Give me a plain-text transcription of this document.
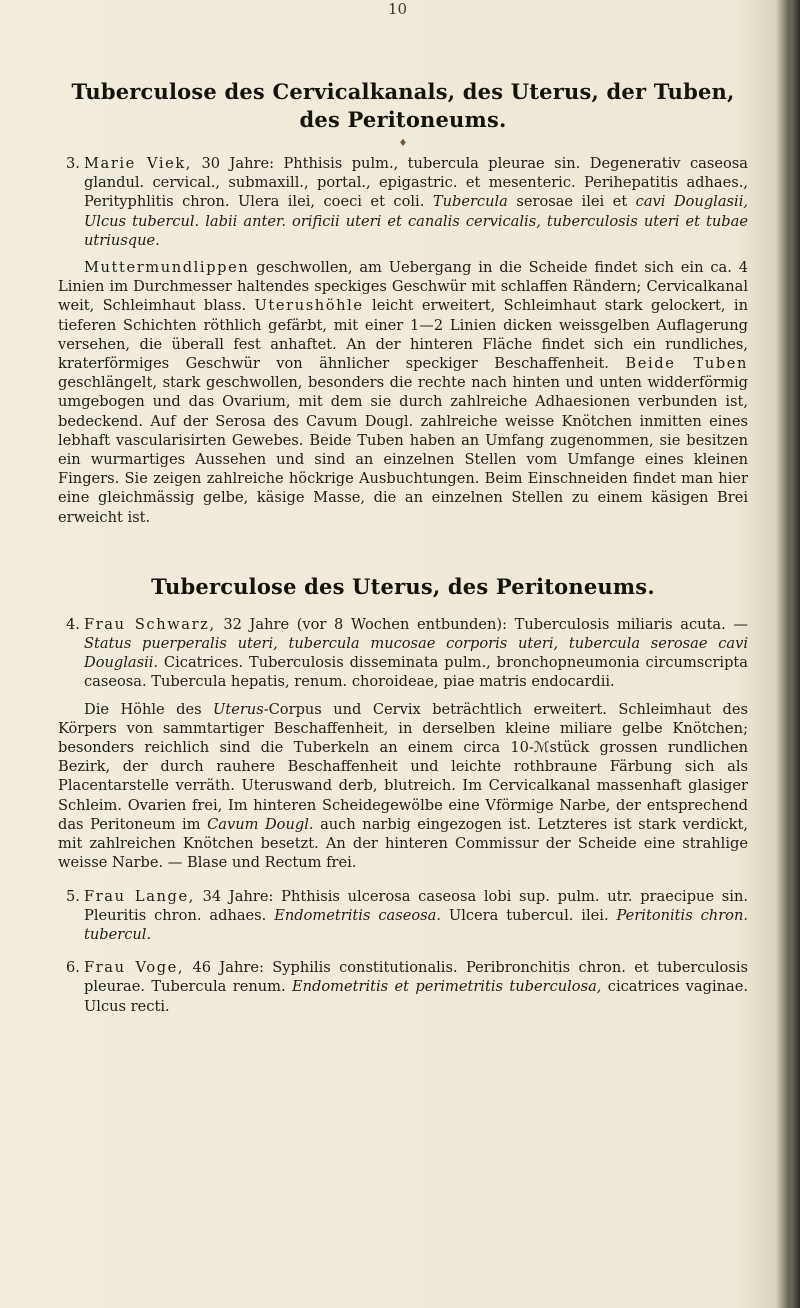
10
Tuberculose des Cervicalkanals, des Uterus, der Tuben, des Peritoneums.
♦

3. Marie Viek, 30 Jahre: Phthisis pulm., tubercula pleurae sin. Degenerativ caseosa glandul. cervical., submaxill., portal., epigastric. et mesenteric. Perihepatitis adhaes., Perityphlitis chron. Ulera ilei, coeci et coli. Tubercula serosae ilei et cavi Douglasii, Ulcus tubercul. labii anter. orificii uteri et canalis cervicalis, tuberculosis uteri et tubae utriusque.

Muttermundlippen geschwollen, am Uebergang in die Scheide findet sich ein ca. 4 Linien im Durchmesser haltendes speckiges Geschwür mit schlaffen Rändern; Cervicalkanal weit, Schleimhaut blass. Uterushöhle leicht erweitert, Schleimhaut stark gelockert, in tieferen Schichten röthlich gefärbt, mit einer 1—2 Linien dicken weissgelben Auflagerung versehen, die überall fest anhaftet. An der hinteren Fläche findet sich ein rundliches, kraterförmiges Geschwür von ähnlicher speckiger Beschaffenheit. Beide Tuben geschlängelt, stark geschwollen, besonders die rechte nach hinten und unten widderförmig umgebogen und das Ovarium, mit dem sie durch zahlreiche Adhaesionen verbunden ist, bedeckend. Auf der Serosa des Cavum Dougl. zahlreiche weisse Knötchen inmitten eines lebhaft vascularisirten Gewebes. Beide Tuben haben an Umfang zugenommen, sie besitzen ein wurmartiges Aussehen und sind an einzelnen Stellen vom Umfange eines kleinen Fingers. Sie zeigen zahlreiche höckrige Ausbuchtungen. Beim Einschneiden findet man hier eine gleichmässig gelbe, käsige Masse, die an einzelnen Stellen zu einem käsigen Brei erweicht ist.

Tuberculose des Uterus, des Peritoneums.

4. Frau Schwarz, 32 Jahre (vor 8 Wochen entbunden): Tuberculosis miliaris acuta. — Status puerperalis uteri, tubercula mucosae corporis uteri, tubercula serosae cavi Douglasii. Cicatrices. Tuberculosis disseminata pulm., bronchopneumonia circumscripta caseosa. Tubercula hepatis, renum. choroideae, piae matris endocardii.

Die Höhle des Uterus-Corpus und Cervix beträchtlich erweitert. Schleimhaut des Körpers von sammtartiger Beschaffenheit, in derselben kleine miliare gelbe Knötchen; besonders reichlich sind die Tuberkeln an einem circa 10-ℳstück grossen rundlichen Bezirk, der durch rauhere Beschaffenheit und leichte rothbraune Färbung sich als Placentarstelle verräth. Uteruswand derb, blutreich. Im Cervicalkanal massenhaft glasiger Schleim. Ovarien frei, Im hinteren Scheidegewölbe eine Vförmige Narbe, der entsprechend das Peritoneum im Cavum Dougl. auch narbig eingezogen ist. Letzteres ist stark verdickt, mit zahlreichen Knötchen besetzt. An der hinteren Commissur der Scheide eine strahlige weisse Narbe. — Blase und Rectum frei.

5. Frau Lange, 34 Jahre: Phthisis ulcerosa caseosa lobi sup. pulm. utr. praecipue sin. Pleuritis chron. adhaes. Endometritis caseosa. Ulcera tubercul. ilei. Peritonitis chron. tubercul.

6. Frau Voge, 46 Jahre: Syphilis constitutionalis. Peribronchitis chron. et tuberculosis pleurae. Tubercula renum. Endometritis et perimetritis tuberculosa, cicatrices vaginae. Ulcus recti.
